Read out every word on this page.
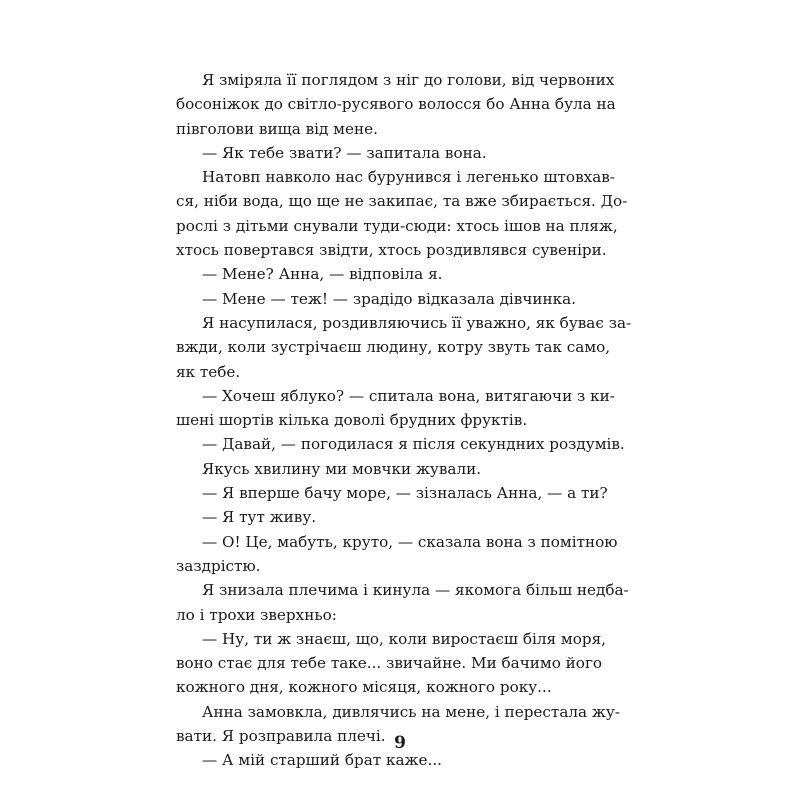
Я зміряла її поглядом з ніг до голови, від червоних
босоніжок до світло-русявого волосся бо Анна була на
півголови вища від мене.
— Як тебе звати? — запитала вона.
Натовп навколо нас бурунився і легенько штовхав-
ся, ніби вода, що ще не закипає, та вже збирається. До-
рослі з дітьми снували туди-сюди: хтось ішов на пляж,
хтось повертався звідти, хтось роздивлявся сувеніри.
— Мене? Анна, — відповіла я.
— Мене — теж! — зрадідо відказала дівчинка.
Я насупилася, роздивляючись її уважно, як буває за-
вжди, коли зустрічаєш людину, котру звуть так само,
як тебе.
— Хочеш яблуко? — спитала вона, витягаючи з ки-
шені шортів кілька доволі брудних фруктів.
— Давай, — погодилася я після секундних роздумів.
Якусь хвилину ми мовчки жували.
— Я вперше бачу море, — зізналась Анна, — а ти?
— Я тут живу.
— О! Це, мабуть, круто, — сказала вона з помітною
заздрістю.
Я знизала плечима і кинула — якомога більш недба-
ло і трохи зверхньо:
— Ну, ти ж знаєш, що, коли виростаєш біля моря,
воно стає для тебе таке... звичайне. Ми бачимо його
кожного дня, кожного місяця, кожного року...
Анна замовкла, дивлячись на мене, і перестала жу-
вати. Я розправила плечі.
— А мій старший брат каже...
9
